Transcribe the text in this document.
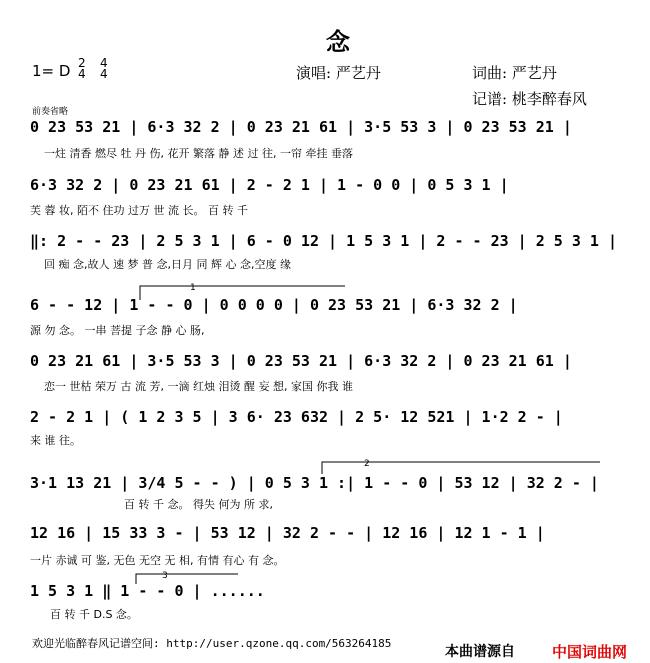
念
1= D 2
4
4
4	演唱: 严艺丹	词曲: 严艺丹
记谱: 桃李醉春风
前奏省略
0 23 53 21 | 6·3 32 2 | 0 23 21 61 | 3·5 53 3 | 0 23 53 21 |
一炷 清香 燃尽 牡 丹 伤, 花开 繁落 静 述 过 往, 一帘 牵挂 垂落
6·3 32 2 | 0 23 21 61 | 2 - 2 1 | 1 - 0 0 | 0 5 3 1 |
芙 蓉 妆, 陌不 住功 过万 世 流 长。 百 转 千
‖: 2 - - 23 | 2 5 3 1 | 6 - 0 12 | 1 5 3 1 | 2 - - 23 | 2 5 3 1 |
回 痴 念,故人 速 梦 普 念,日月 同 辉 心 念,空度 缘
6 - - 12 | 1 - - 0 | 0 0 0 0 | 0 23 53 21 | 6·3 32 2 |
源 勿 念。 一串 菩提 子念 静 心 肠,
0 23 21 61 | 3·5 53 3 | 0 23 53 21 | 6·3 32 2 | 0 23 21 61 |
恋一 世枯 荣万 古 流 芳, 一滴 红烛 泪烫 醒 妄 想, 家国 你我 谁
2 - 2 1 | ( 1 2 3 5 | 3 6· 23 632 | 2 5· 12 521 | 1·2 2 - |
来 谁 往。
3·1 13 21 | 3/4 5 - - ) | 0 5 3 1 :| 1 - - 0 | 53 12 | 32 2 - |
百 转 千 念。 得失 何为 所 求,
12 16 | 15 33 3 - | 53 12 | 32 2 - - | 12 16 | 12 1 - 1 |
一片 赤诚 可 鉴, 无色 无空 无 相, 有情 有心 有 念。
1 5 3 1 ‖ 1 - - 0 | ......
百 转 千 D.S 念。
1
2
3
欢迎光临醉春风记谱空间: http://user.qzone.qq.com/563264185
本曲谱源自 中国词曲网
